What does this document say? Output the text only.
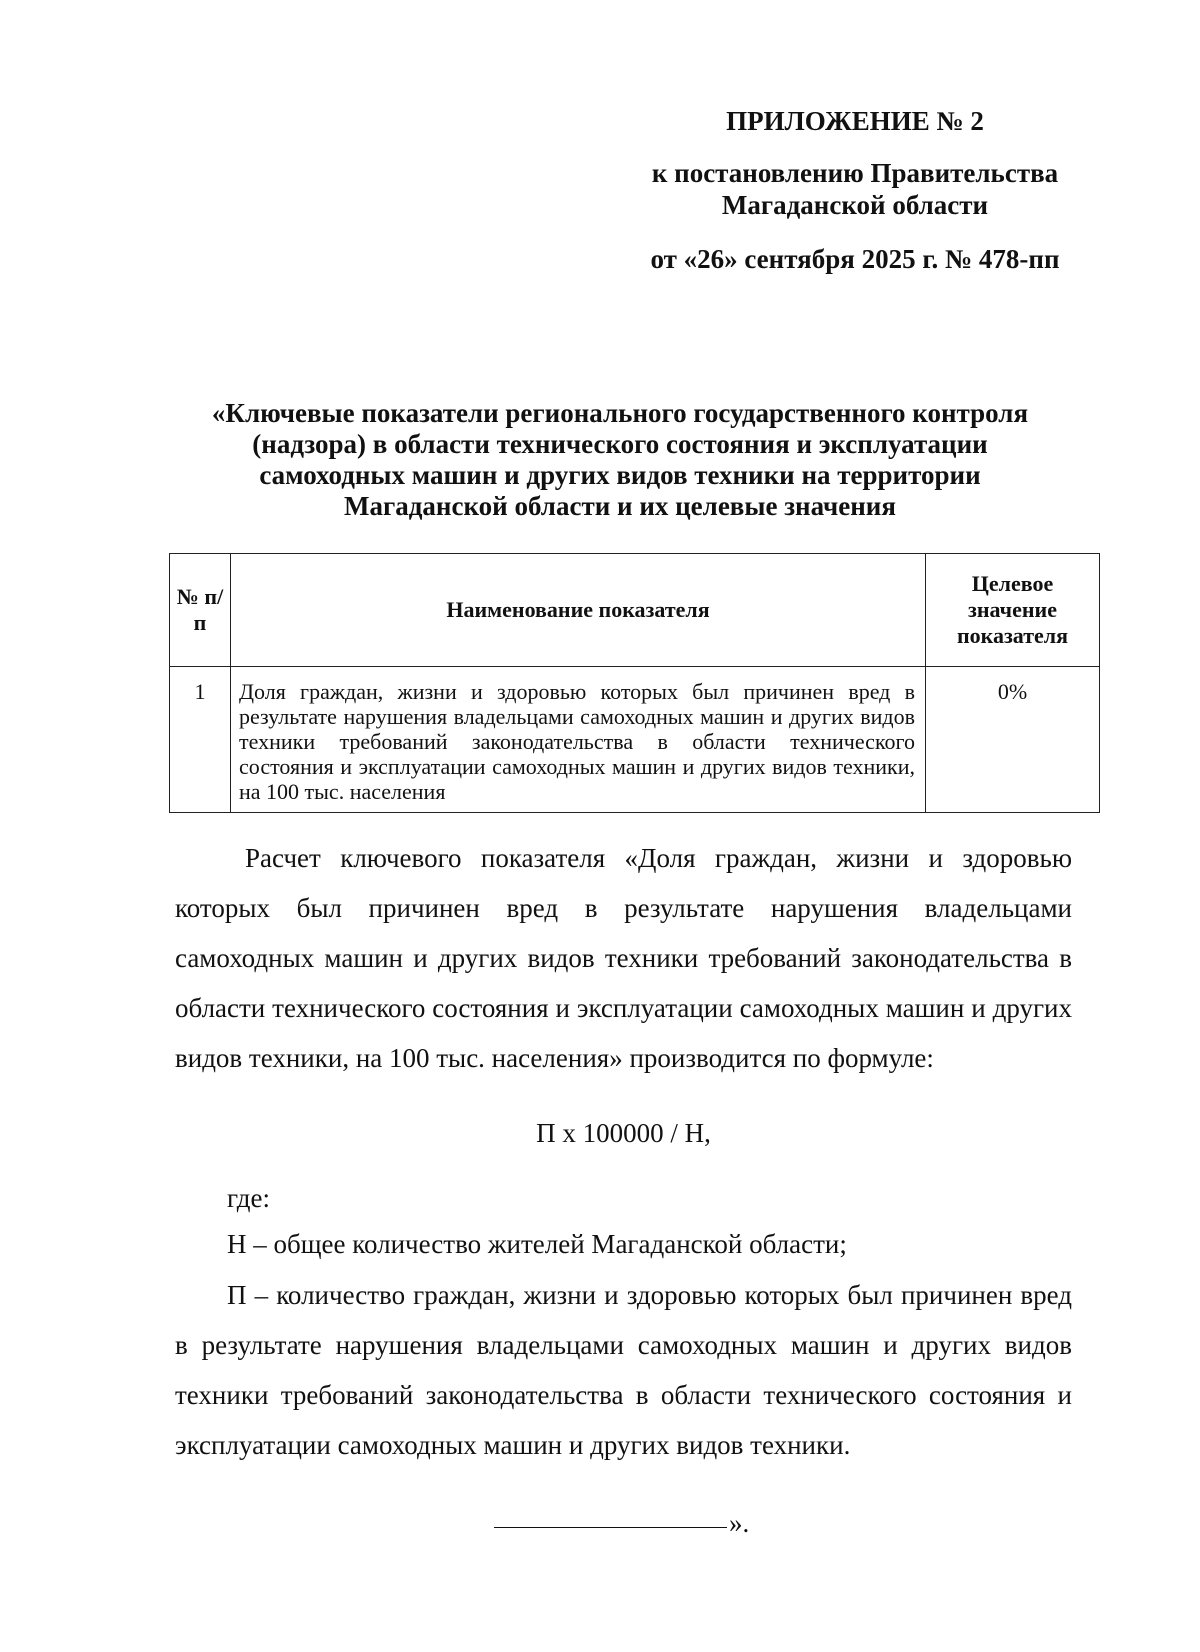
ПРИЛОЖЕНИЕ № 2
к постановлению Правительства
Магаданской области
от «26» сентября 2025 г. № 478-пп
«Ключевые показатели регионального государственного контроля
(надзора) в области технического состояния и эксплуатации
самоходных машин и других видов техники на территории
Магаданской области и их целевые значения
№ п/п	Наименование показателя	Целевое значение показателя
1	Доля граждан, жизни и здоровью которых был причинен вред в результате нарушения владельцами самоходных машин и других видов техники требований законодательства в области технического состояния и эксплуатации самоходных машин и других видов техники, на 100 тыс. населения	0%
Расчет ключевого показателя «Доля граждан, жизни и здоровью которых был причинен вред в результате нарушения владельцами самоходных машин и других видов техники требований законодательства в области технического состояния и эксплуатации самоходных машин и других видов техники, на 100 тыс. населения» производится по формуле:
П х 100000 / Н,
где:
Н – общее количество жителей Магаданской области;
П – количество граждан, жизни и здоровью которых был причинен вред в результате нарушения владельцами самоходных машин и других видов техники требований законодательства в области технического состояния и эксплуатации самоходных машин и других видов техники.
».
